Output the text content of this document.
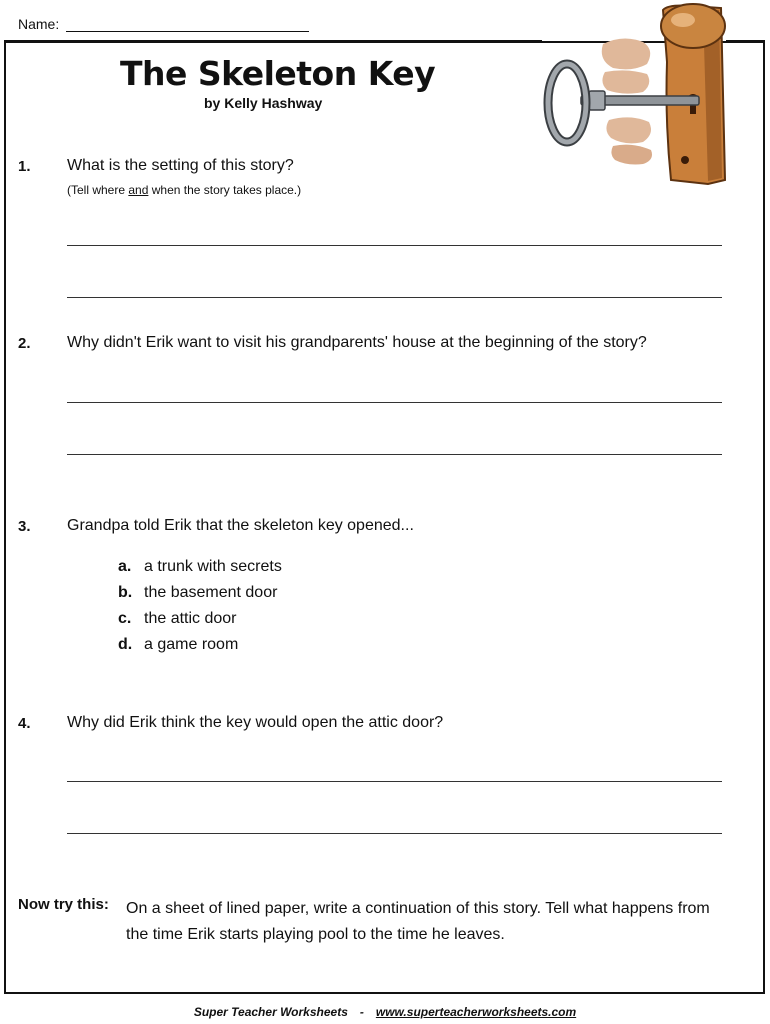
Name:
The Skeleton Key
by Kelly Hashway
1. What is the setting of this story?
(Tell where and when the story takes place.)
2. Why didn't Erik want to visit his grandparents' house at the beginning of the story?
3. Grandpa told Erik that the skeleton key opened...
a. a trunk with secrets
b. the basement door
c. the attic door
d. a game room
4. Why did Erik think the key would open the attic door?
Now try this: On a sheet of lined paper, write a continuation of this story. Tell what happens from the time Erik starts playing pool to the time he leaves.
Super Teacher Worksheets - www.superteacherworksheets.com
